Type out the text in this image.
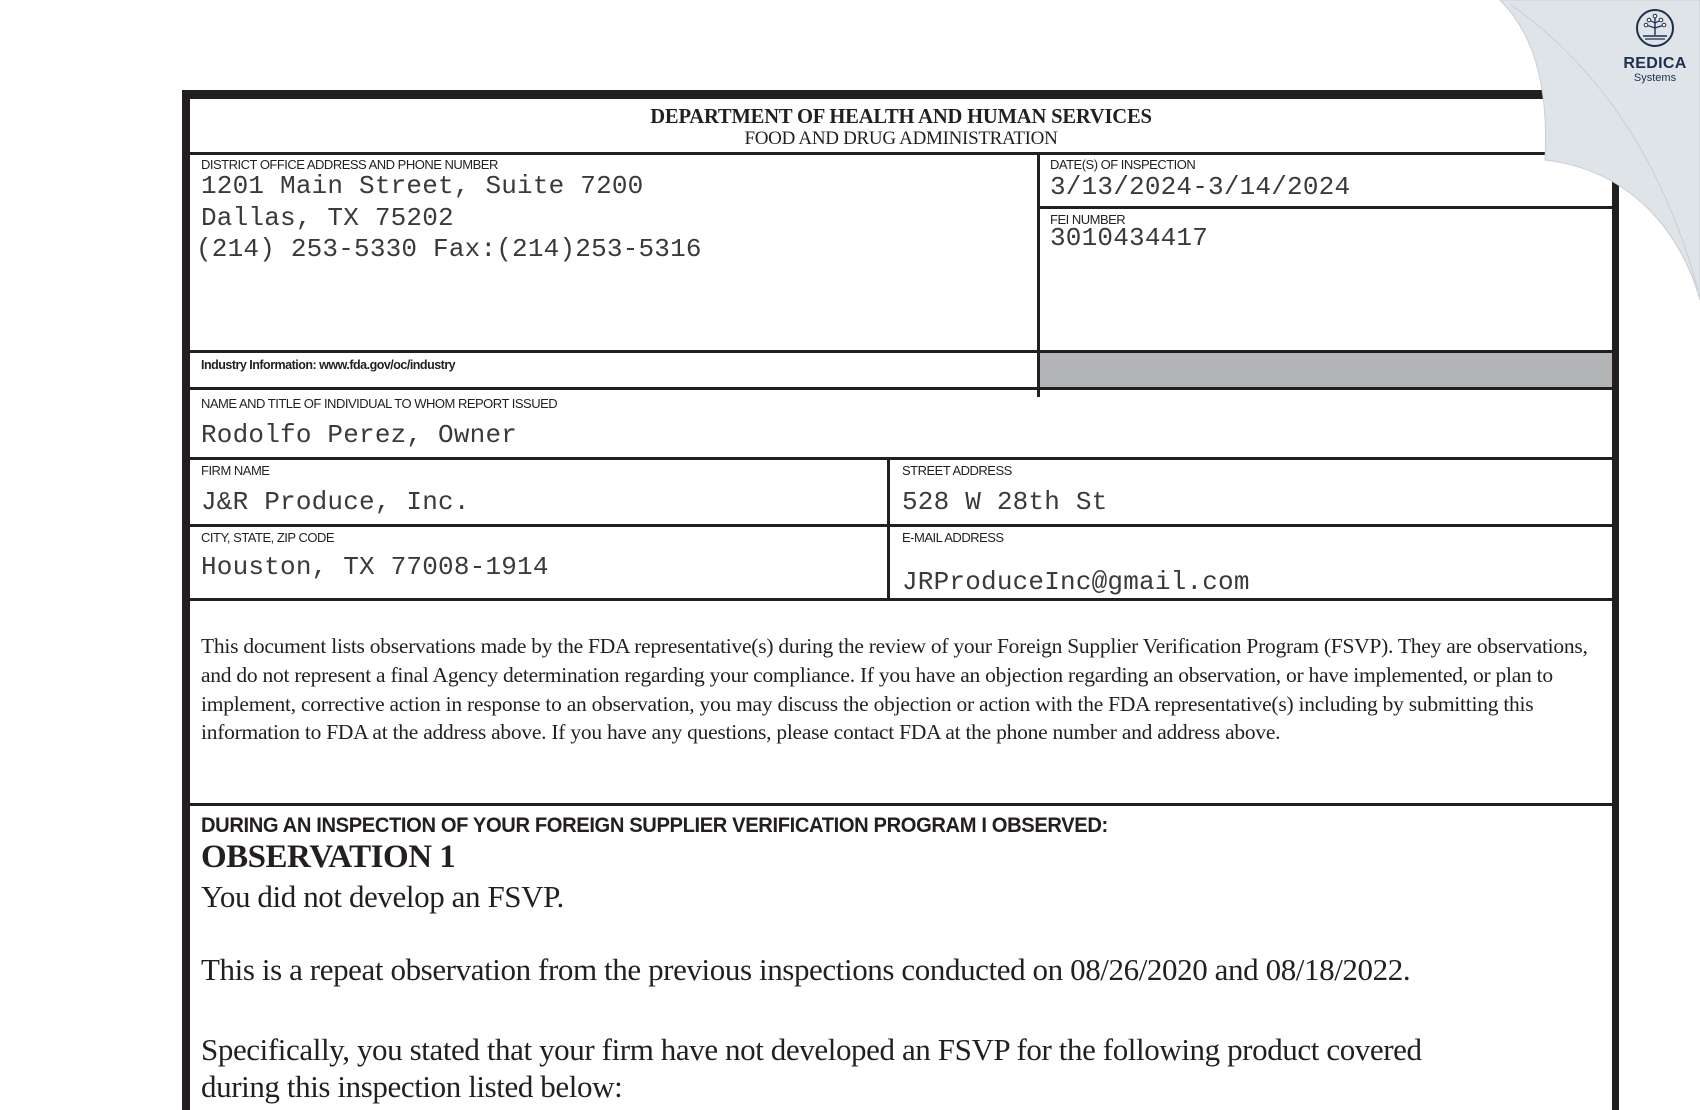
DEPARTMENT OF HEALTH AND HUMAN SERVICES
FOOD AND DRUG ADMINISTRATION
DISTRICT OFFICE ADDRESS AND PHONE NUMBER
1201 Main Street, Suite 7200
Dallas, TX 75202
(214) 253-5330 Fax:(214)253-5316
DATE(S) OF INSPECTION
3/13/2024-3/14/2024
FEI NUMBER
3010434417
Industry Information: www.fda.gov/oc/industry
NAME AND TITLE OF INDIVIDUAL TO WHOM REPORT ISSUED
Rodolfo Perez, Owner
FIRM NAME
J&R Produce, Inc.
STREET ADDRESS
528 W 28th St
CITY, STATE, ZIP CODE
Houston, TX 77008-1914
E-MAIL ADDRESS
JRProduceInc@gmail.com
This document lists observations made by the FDA representative(s) during the review of your Foreign Supplier Verification Program (FSVP). They are observations, and do not represent a final Agency determination regarding your compliance. If you have an objection regarding an observation, or have implemented, or plan to implement, corrective action in response to an observation, you may discuss the objection or action with the FDA representative(s) including by submitting this information to FDA at the address above. If you have any questions, please contact FDA at the phone number and address above.
DURING AN INSPECTION OF YOUR FOREIGN SUPPLIER VERIFICATION PROGRAM I OBSERVED:
OBSERVATION 1
You did not develop an FSVP.
This is a repeat observation from the previous inspections conducted on 08/26/2020 and 08/18/2022.
Specifically, you stated that your firm have not developed an FSVP for the following product covered
during this inspection listed below:
REDICA
Systems
